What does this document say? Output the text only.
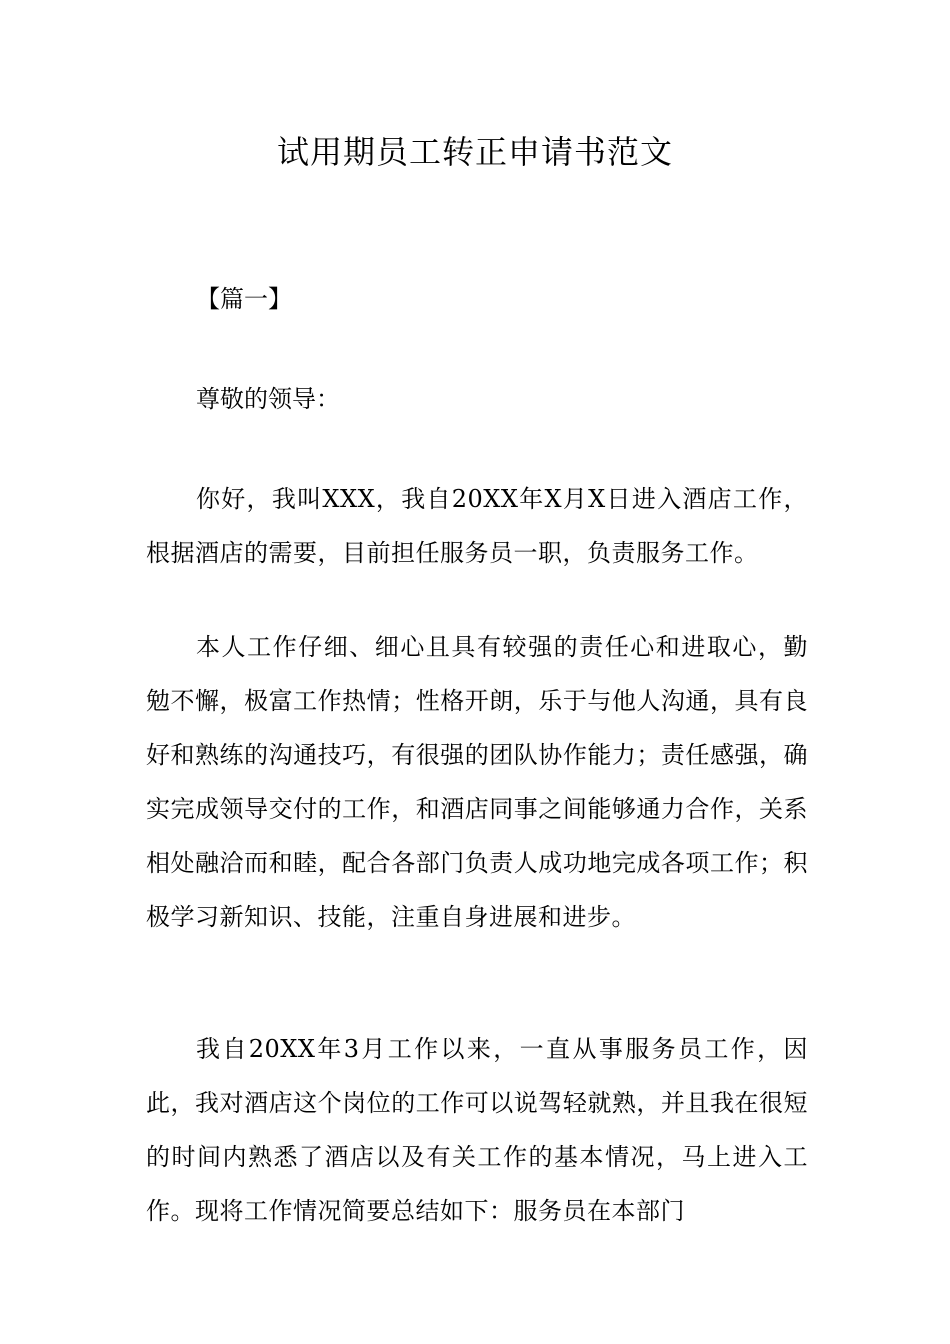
试用期员工转正申请书范文

【篇一】

尊敬的领导：

你好，我叫XXX，我自20XX年X月X日进入酒店工作，根据酒店的需要，目前担任服务员一职，负责服务工作。

本人工作仔细、细心且具有较强的责任心和进取心，勤勉不懈，极富工作热情；性格开朗，乐于与他人沟通，具有良好和熟练的沟通技巧，有很强的团队协作能力；责任感强，确实完成领导交付的工作，和酒店同事之间能够通力合作，关系相处融洽而和睦，配合各部门负责人成功地完成各项工作；积极学习新知识、技能，注重自身进展和进步。

我自20XX年3月工作以来，一直从事服务员工作，因此，我对酒店这个岗位的工作可以说驾轻就熟，并且我在很短的时间内熟悉了酒店以及有关工作的基本情况，马上进入工作。现将工作情况简要总结如下：服务员在本部门
